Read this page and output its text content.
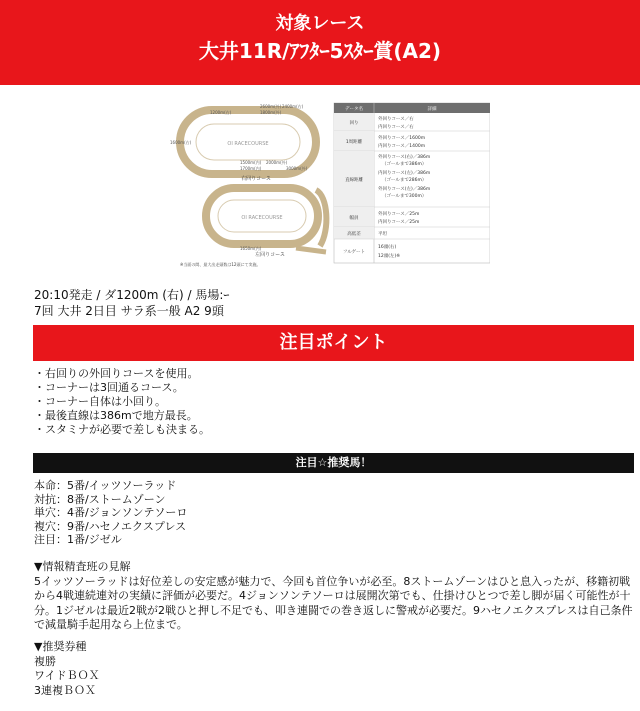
対象レース
大井11R/ｱﾌﾀｰ5ｽﾀｰ賞(A2)
OI RACECOURSE
右回りコース
1200m(右)
2600m(外)
1800m(外)
2400m(右)
1600m(右)
1500m(内)
1700m(内)
2000m(外)
3000m(外)
OI RACECOURSE
左回りコース
1650m(内)
※当面の間、最大出走頭数は12頭にて実施。
データ名	詳細
回り
外回りコース／右
内回りコース／右
1周距離
外回りコース／1600m
内回りコース／1400m
直線距離
外回りコース(右)／386m
（ゴールまで386m）
内回りコース(左)／386m
（ゴールまで286m）
外回りコース(左)／386m
（ゴールまで300m）
幅員
外回りコース／25m
内回りコース／25m
高低差	平坦
フルゲート
16頭(右)
12頭(左)※
20:10発走 / ダ1200m (右) / 馬場:ｰ
7回 大井 2日目 サラ系一般 A2 9頭
注目ポイント
・右回りの外回りコースを使用。
・コーナーは3回通るコース。
・コーナー自体は小回り。
・最後直線は386mで地方最長。
・スタミナが必要で差しも決まる。
注目☆推奨馬！
本命：5番/イッツソーラッド
対抗：8番/ストームゾーン
単穴：4番/ジョンソンテソーロ
複穴：9番/ハセノエクスプレス
注目：1番/ジゼル
▼情報精査班の見解
5イッツソーラッドは好位差しの安定感が魅力で、今回も首位争いが必至。8ストームゾーンはひと息入ったが、移籍初戦から4戦連続連対の実績に評価が必要だ。4ジョンソンテソーロは展開次第でも、仕掛けひとつで差し脚が届く可能性が十分。1ジゼルは最近2戦が2戦ひと押し不足でも、叩き連闘での巻き返しに警戒が必要だ。9ハセノエクスプレスは自己条件で減量騎手起用なら上位まで。
▼推奨券種
複勝
ワイドＢＯＸ
3連複ＢＯＸ
